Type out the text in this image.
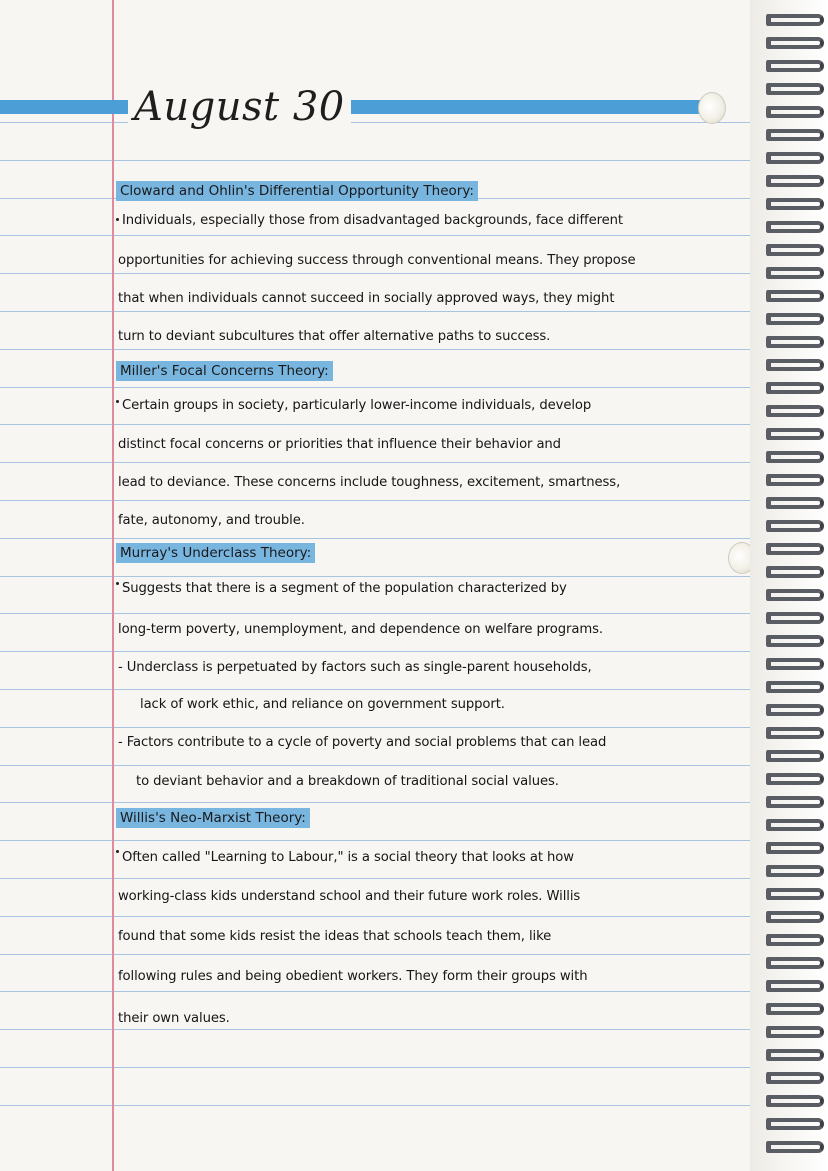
August 30
Cloward and Ohlin's Differential Opportunity Theory:
Individuals, especially those from disadvantaged backgrounds, face different
opportunities for achieving success through conventional means. They propose
that when individuals cannot succeed in socially approved ways, they might
turn to deviant subcultures that offer alternative paths to success.
Miller's Focal Concerns Theory:
Certain groups in society, particularly lower-income individuals, develop
distinct focal concerns or priorities that influence their behavior and
lead to deviance. These concerns include toughness, excitement, smartness,
fate, autonomy, and trouble.
Murray's Underclass Theory:
Suggests that there is a segment of the population characterized by
long-term poverty, unemployment, and dependence on welfare programs.
- Underclass is perpetuated by factors such as single-parent households,
lack of work ethic, and reliance on government support.
- Factors contribute to a cycle of poverty and social problems that can lead
to deviant behavior and a breakdown of traditional social values.
Willis's Neo-Marxist Theory:
Often called "Learning to Labour," is a social theory that looks at how
working-class kids understand school and their future work roles. Willis
found that some kids resist the ideas that schools teach them, like
following rules and being obedient workers. They form their groups with
their own values.
